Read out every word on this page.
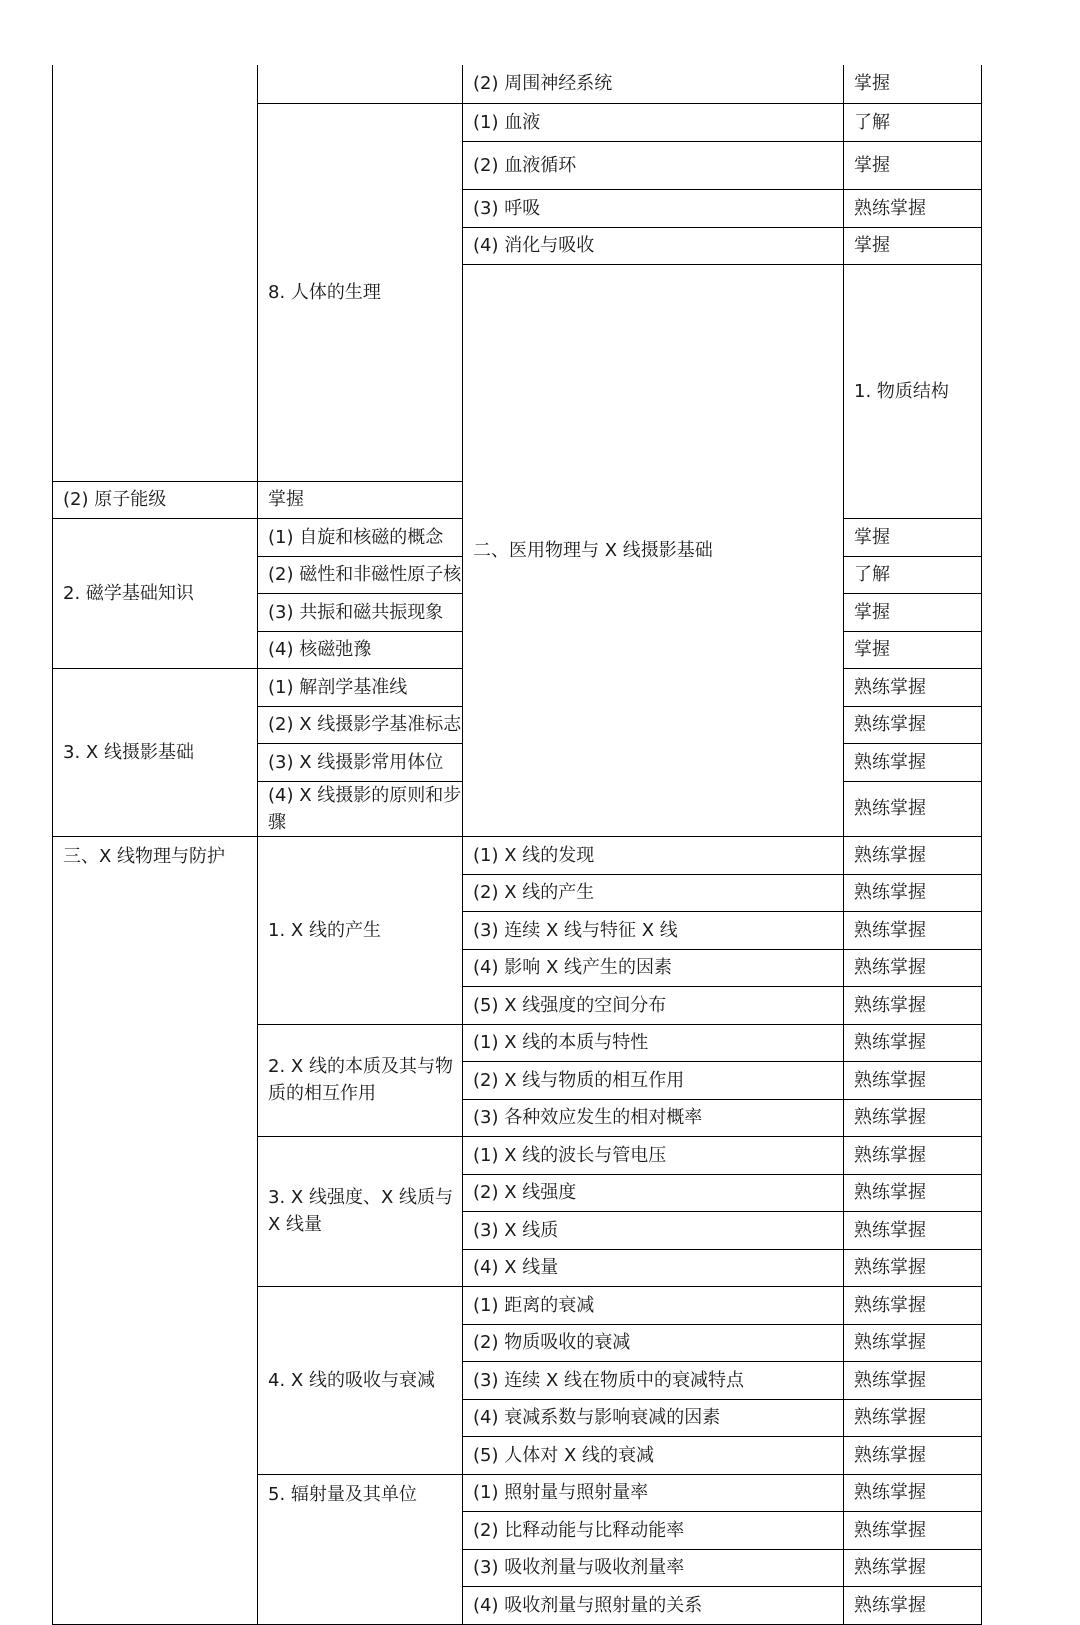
		(2) 周围神经系统	掌握	
	8. 人体的生理	(1) 血液	了解	
		(2) 血液循环	掌握	
		(3) 呼吸	熟练掌握	
		(4) 消化与吸收	掌握	
		二、医用物理与 X 线摄影基础	1. 物质结构		
(2) 原子能级	掌握			
2. 磁学基础知识	(1) 自旋和核磁的概念		掌握	
	(2) 磁性和非磁性原子核		了解	
	(3) 共振和磁共振现象		掌握	
	(4) 核磁弛豫		掌握	
3. X 线摄影基础	(1) 解剖学基准线		熟练掌握	
	(2) X 线摄影学基准标志		熟练掌握	
	(3) X 线摄影常用体位		熟练掌握	
	(4) X 线摄影的原则和步骤		熟练掌握	
三、X 线物理与防护	1. X 线的产生	(1) X 线的发现	熟练掌握	
		(2) X 线的产生	熟练掌握	
		(3) 连续 X 线与特征 X 线	熟练掌握	
		(4) 影响 X 线产生的因素	熟练掌握	
		(5) X 线强度的空间分布	熟练掌握	
	2. X 线的本质及其与物质的相互作用	(1) X 线的本质与特性	熟练掌握	
		(2) X 线与物质的相互作用	熟练掌握	
		(3) 各种效应发生的相对概率	熟练掌握	
	3. X 线强度、X 线质与 X 线量	(1) X 线的波长与管电压	熟练掌握	
		(2) X 线强度	熟练掌握	
		(3) X 线质	熟练掌握	
		(4) X 线量	熟练掌握	
	4. X 线的吸收与衰减	(1) 距离的衰减	熟练掌握	
		(2) 物质吸收的衰减	熟练掌握	
		(3) 连续 X 线在物质中的衰减特点	熟练掌握	
		(4) 衰减系数与影响衰减的因素	熟练掌握	
		(5) 人体对 X 线的衰减	熟练掌握	
	5. 辐射量及其单位	(1) 照射量与照射量率	熟练掌握	
		(2) 比释动能与比释动能率	熟练掌握	
		(3) 吸收剂量与吸收剂量率	熟练掌握	
		(4) 吸收剂量与照射量的关系	熟练掌握	
